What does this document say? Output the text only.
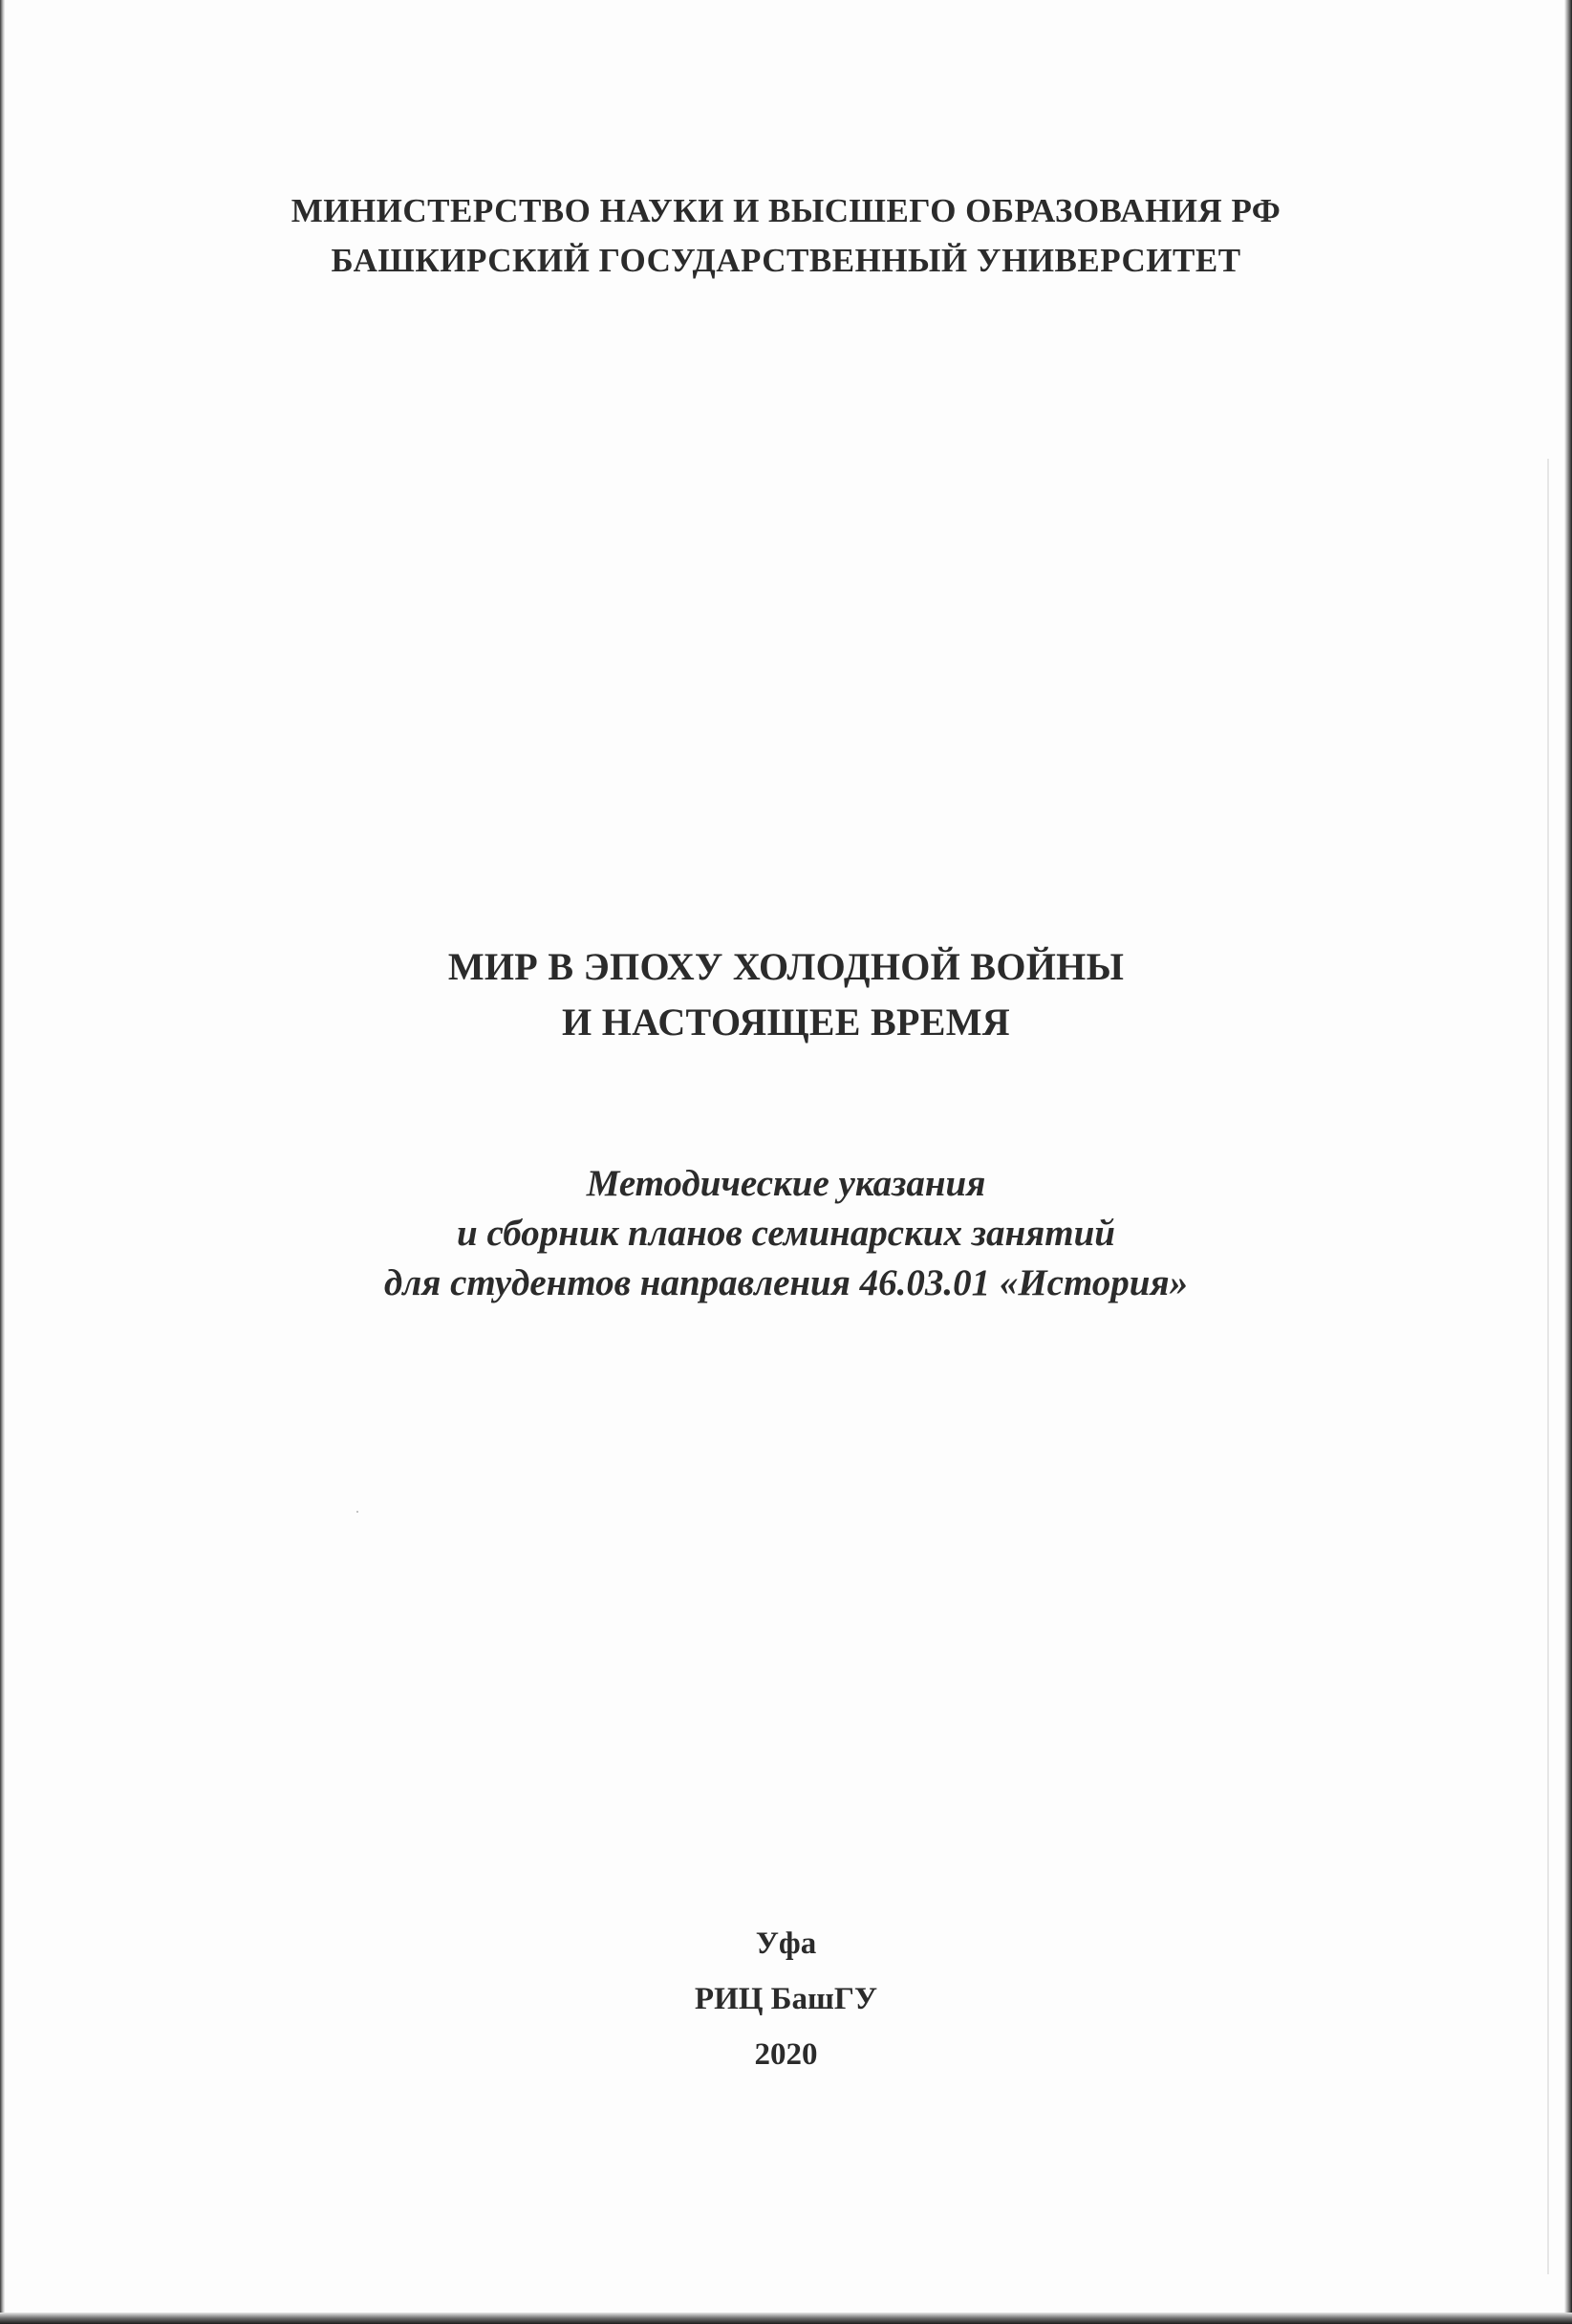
МИНИСТЕРСТВО НАУКИ И ВЫСШЕГО ОБРАЗОВАНИЯ РФ
БАШКИРСКИЙ ГОСУДАРСТВЕННЫЙ УНИВЕРСИТЕТ
МИР В ЭПОХУ ХОЛОДНОЙ ВОЙНЫ
И НАСТОЯЩЕЕ ВРЕМЯ
Методические указания
и сборник планов семинарских занятий
для студентов направления 46.03.01 «История»
Уфа
РИЦ БашГУ
2020
